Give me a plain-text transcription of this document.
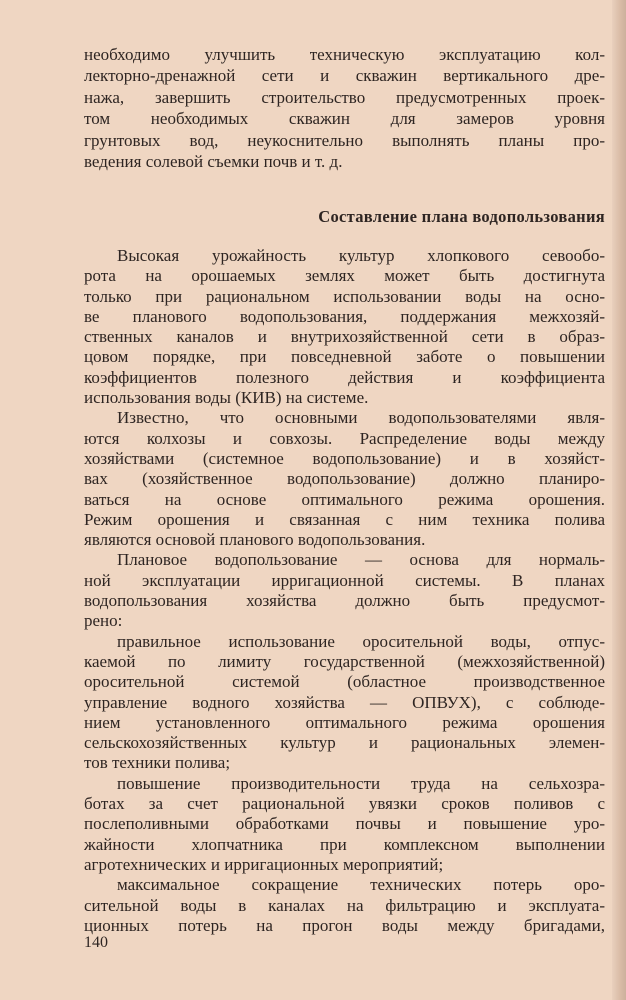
необходимо улучшить техническую эксплуатацию кол-
лекторно-дренажной сети и скважин вертикального дре-
нажа, завершить строительство предусмотренных проек-
том необходимых скважин для замеров уровня
грунтовых вод, неукоснительно выполнять планы про-
ведения солевой съемки почв и т. д.
Составление плана водопользования
Высокая урожайность культур хлопкового севообо-
рота на орошаемых землях может быть достигнута
только при рациональном использовании воды на осно-
ве планового водопользования, поддержания межхозяй-
ственных каналов и внутрихозяйственной сети в образ-
цовом порядке, при повседневной заботе о повышении
коэффициентов полезного действия и коэффициента
использования воды (КИВ) на системе.
Известно, что основными водопользователями явля-
ются колхозы и совхозы. Распределение воды между
хозяйствами (системное водопользование) и в хозяйст-
вах (хозяйственное водопользование) должно планиро-
ваться на основе оптимального режима орошения.
Режим орошения и связанная с ним техника полива
являются основой планового водопользования.
Плановое водопользование — основа для нормаль-
ной эксплуатации ирригационной системы. В планах
водопользования хозяйства должно быть предусмот-
рено:
правильное использование оросительной воды, отпус-
каемой по лимиту государственной (межхозяйственной)
оросительной системой (областное производственное
управление водного хозяйства — ОПВУХ), с соблюде-
нием установленного оптимального режима орошения
сельскохозяйственных культур и рациональных элемен-
тов техники полива;
повышение производительности труда на сельхозра-
ботах за счет рациональной увязки сроков поливов с
послеполивными обработками почвы и повышение уро-
жайности хлопчатника при комплексном выполнении
агротехнических и ирригационных мероприятий;
максимальное сокращение технических потерь оро-
сительной воды в каналах на фильтрацию и эксплуата-
ционных потерь на прогон воды между бригадами,
140
